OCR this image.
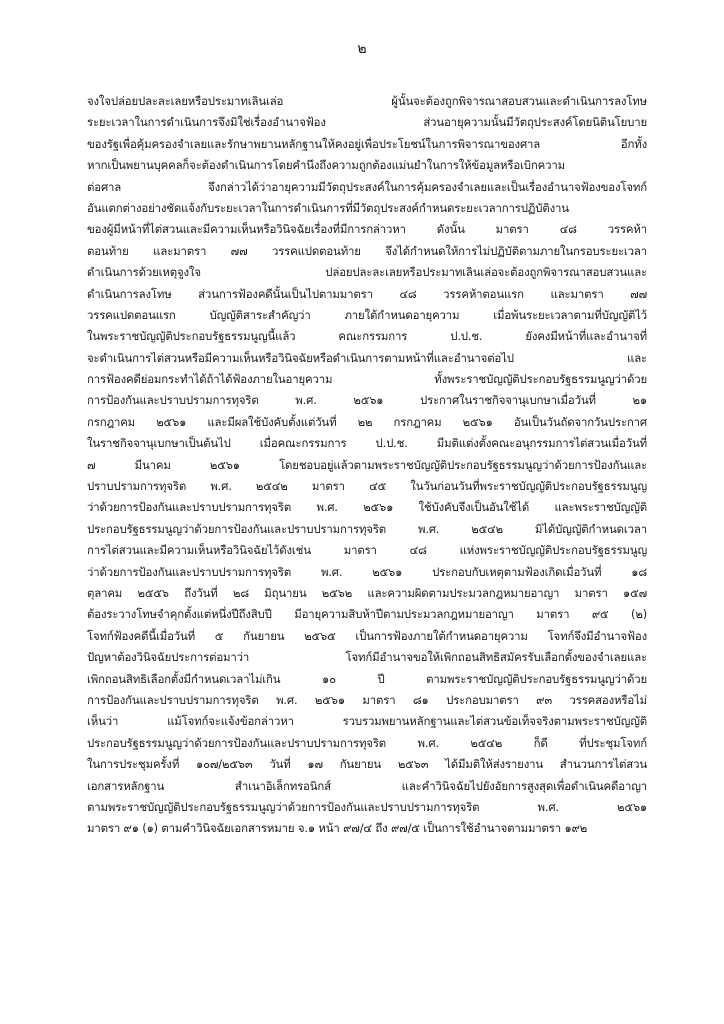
๒
จงใจปล่อยปละละเลยหรือประมาทเลินเล่อ ผู้นั้นจะต้องถูกพิจารณาสอบสวนและดำเนินการลงโทษ
ระยะเวลาในการดำเนินการจึงมิใช่เรื่องอำนาจฟ้อง ส่วนอายุความนั้นมีวัตถุประสงค์โดยนิตินโยบาย
ของรัฐเพื่อคุ้มครองจำเลยและรักษาพยานหลักฐานให้คงอยู่เพื่อประโยชน์ในการพิจารณาของศาล อีกทั้ง
หากเป็นพยานบุคคลก็จะต้องดำเนินการโดยคำนึงถึงความถูกต้องแม่นยำในการให้ข้อมูลหรือเบิกความ
ต่อศาล จึงกล่าวได้ว่าอายุความมีวัตถุประสงค์ในการคุ้มครองจำเลยและเป็นเรื่องอำนาจฟ้องของโจทก์
อันแตกต่างอย่างชัดแจ้งกับระยะเวลาในการดำเนินการที่มีวัตถุประสงค์กำหนดระยะเวลาการปฏิบัติงาน
ของผู้มีหน้าที่ไต่สวนและมีความเห็นหรือวินิจฉัยเรื่องที่มีการกล่าวหา ดังนั้น มาตรา ๔๘ วรรคห้า
ตอนท้าย และมาตรา ๗๗ วรรคแปดตอนท้าย จึงได้กำหนดให้การไม่ปฏิบัติตามภายในกรอบระยะเวลา
ดำเนินการด้วยเหตุจูงใจ ปล่อยปละละเลยหรือประมาทเลินเล่อจะต้องถูกพิจารณาสอบสวนและ
ดำเนินการลงโทษ ส่วนการฟ้องคดีนั้นเป็นไปตามมาตรา ๔๘ วรรคห้าตอนแรก และมาตรา ๗๗
วรรคแปดตอนแรก บัญญัติสาระสำคัญว่า ภายใต้กำหนดอายุความ เมื่อพ้นระยะเวลาตามที่บัญญัติไว้
ในพระราชบัญญัติประกอบรัฐธรรมนูญนี้แล้ว คณะกรรมการ ป.ป.ช. ยังคงมีหน้าที่และอำนาจที่
จะดำเนินการไต่สวนหรือมีความเห็นหรือวินิจฉัยหรือดำเนินการตามหน้าที่และอำนาจต่อไป และ
การฟ้องคดีย่อมกระทำได้ถ้าได้ฟ้องภายในอายุความ ทั้งพระราชบัญญัติประกอบรัฐธรรมนูญว่าด้วย
การป้องกันและปราบปรามการทุจริต พ.ศ. ๒๕๖๑ ประกาศในราชกิจจานุเบกษาเมื่อวันที่ ๒๑
กรกฎาคม ๒๕๖๑ และมีผลใช้บังคับตั้งแต่วันที่ ๒๒ กรกฎาคม ๒๕๖๑ อันเป็นวันถัดจากวันประกาศ
ในราชกิจจานุเบกษาเป็นต้นไป เมื่อคณะกรรมการ ป.ป.ช. มีมติแต่งตั้งคณะอนุกรรมการไต่สวนเมื่อวันที่
๗ มีนาคม ๒๕๖๑ โดยชอบอยู่แล้วตามพระราชบัญญัติประกอบรัฐธรรมนูญว่าด้วยการป้องกันและ
ปราบปรามการทุจริต พ.ศ. ๒๕๔๒ มาตรา ๔๕ ในวันก่อนวันที่พระราชบัญญัติประกอบรัฐธรรมนูญ
ว่าด้วยการป้องกันและปราบปรามการทุจริต พ.ศ. ๒๕๖๑ ใช้บังคับจึงเป็นอันใช้ได้ และพระราชบัญญัติ
ประกอบรัฐธรรมนูญว่าด้วยการป้องกันและปราบปรามการทุจริต พ.ศ. ๒๕๔๒ มิได้บัญญัติกำหนดเวลา
การไต่สวนและมีความเห็นหรือวินิจฉัยไว้ดังเช่น มาตรา ๔๘ แห่งพระราชบัญญัติประกอบรัฐธรรมนูญ
ว่าด้วยการป้องกันและปราบปรามการทุจริต พ.ศ. ๒๕๖๑ ประกอบกับเหตุตามฟ้องเกิดเมื่อวันที่ ๑๘
ตุลาคม ๒๕๕๖ ถึงวันที่ ๒๘ มิถุนายน ๒๕๖๒ และความผิดตามประมวลกฎหมายอาญา มาตรา ๑๕๗
ต้องระวางโทษจำคุกตั้งแต่หนึ่งปีถึงสิบปี มีอายุความสิบห้าปีตามประมวลกฎหมายอาญา มาตรา ๙๕ (๒)
โจทก์ฟ้องคดีนี้เมื่อวันที่ ๕ กันยายน ๒๕๖๕ เป็นการฟ้องภายใต้กำหนดอายุความ โจทก์จึงมีอำนาจฟ้อง
ปัญหาต้องวินิจฉัยประการต่อมาว่า โจทก์มีอำนาจขอให้เพิกถอนสิทธิสมัครรับเลือกตั้งของจำเลยและ
เพิกถอนสิทธิเลือกตั้งมีกำหนดเวลาไม่เกิน ๑๐ ปี ตามพระราชบัญญัติประกอบรัฐธรรมนูญว่าด้วย
การป้องกันและปราบปรามการทุจริต พ.ศ. ๒๕๖๑ มาตรา ๘๑ ประกอบมาตรา ๙๓ วรรคสองหรือไม่
เห็นว่า แม้โจทก์จะแจ้งข้อกล่าวหา รวบรวมพยานหลักฐานและไต่สวนข้อเท็จจริงตามพระราชบัญญัติ
ประกอบรัฐธรรมนูญว่าด้วยการป้องกันและปราบปรามการทุจริต พ.ศ. ๒๕๔๒ ก็ดี ที่ประชุมโจทก์
ในการประชุมครั้งที่ ๑๐๗/๒๕๖๓ วันที่ ๑๗ กันยายน ๒๕๖๓ ได้มีมติให้ส่งรายงาน สำนวนการไต่สวน
เอกสารหลักฐาน สำเนาอิเล็กทรอนิกส์ และคำวินิจฉัยไปยังอัยการสูงสุดเพื่อดำเนินคดีอาญา
ตามพระราชบัญญัติประกอบรัฐธรรมนูญว่าด้วยการป้องกันและปราบปรามการทุจริต พ.ศ. ๒๕๖๑
มาตรา ๙๑ (๑) ตามคำวินิจฉัยเอกสารหมาย จ.๑ หน้า ๙๗/๔ ถึง ๙๗/๕ เป็นการใช้อำนาจตามมาตรา ๑๙๒
